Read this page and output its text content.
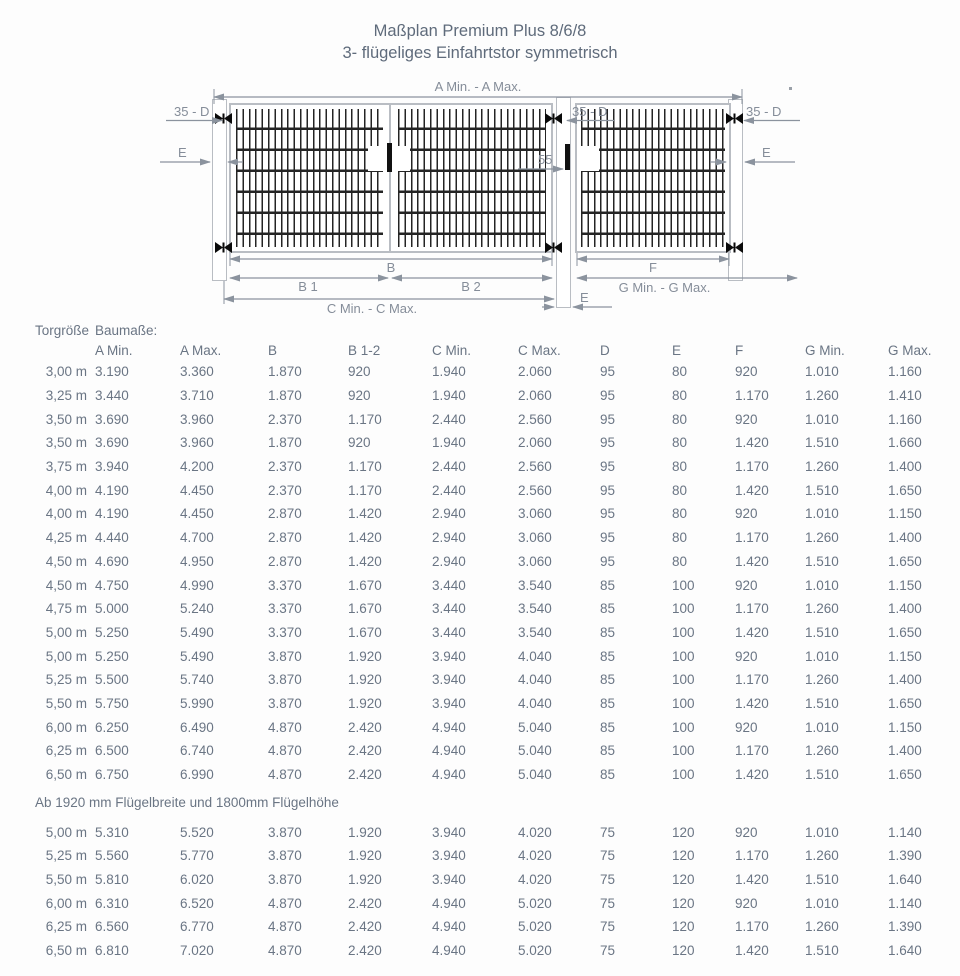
Maßplan Premium Plus 8/6/8
3- flügeliges Einfahrtstor symmetrisch
A Min. - A Max.
35 - D	35 - D	35 - D
E	E
55
B	F
B 1	B 2	G Min. - G Max.
C Min. - C Max.
E
Torgröße Baumaße:
A Min.	A Max.	B	B 1-2	C Min.	C Max.	D	E	F	G Min.	G Max.
3,00 m 3.190	3.360	1.870	920	1.940	2.060	95	80	920	1.010	1.160
3,25 m 3.440	3.710	1.870	920	1.940	2.060	95	80	1.170	1.260	1.410
3,50 m 3.690	3.960	2.370	1.170	2.440	2.560	95	80	920	1.010	1.160
3,50 m 3.690	3.960	1.870	920	1.940	2.060	95	80	1.420	1.510	1.660
3,75 m 3.940	4.200	2.370	1.170	2.440	2.560	95	80	1.170	1.260	1.400
4,00 m 4.190	4.450	2.370	1.170	2.440	2.560	95	80	1.420	1.510	1.650
4,00 m 4.190	4.450	2.870	1.420	2.940	3.060	95	80	920	1.010	1.150
4,25 m 4.440	4.700	2.870	1.420	2.940	3.060	95	80	1.170	1.260	1.400
4,50 m 4.690	4.950	2.870	1.420	2.940	3.060	95	80	1.420	1.510	1.650
4,50 m 4.750	4.990	3.370	1.670	3.440	3.540	85	100	920	1.010	1.150
4,75 m 5.000	5.240	3.370	1.670	3.440	3.540	85	100	1.170	1.260	1.400
5,00 m 5.250	5.490	3.370	1.670	3.440	3.540	85	100	1.420	1.510	1.650
5,00 m 5.250	5.490	3.870	1.920	3.940	4.040	85	100	920	1.010	1.150
5,25 m 5.500	5.740	3.870	1.920	3.940	4.040	85	100	1.170	1.260	1.400
5,50 m 5.750	5.990	3.870	1.920	3.940	4.040	85	100	1.420	1.510	1.650
6,00 m 6.250	6.490	4.870	2.420	4.940	5.040	85	100	920	1.010	1.150
6,25 m 6.500	6.740	4.870	2.420	4.940	5.040	85	100	1.170	1.260	1.400
6,50 m 6.750	6.990	4.870	2.420	4.940	5.040	85	100	1.420	1.510	1.650
Ab 1920 mm Flügelbreite und 1800mm Flügelhöhe
5,00 m 5.310	5.520	3.870	1.920	3.940	4.020	75	120	920	1.010	1.140
5,25 m 5.560	5.770	3.870	1.920	3.940	4.020	75	120	1.170	1.260	1.390
5,50 m 5.810	6.020	3.870	1.920	3.940	4.020	75	120	1.420	1.510	1.640
6,00 m 6.310	6.520	4.870	2.420	4.940	5.020	75	120	920	1.010	1.140
6,25 m 6.560	6.770	4.870	2.420	4.940	5.020	75	120	1.170	1.260	1.390
6,50 m 6.810	7.020	4.870	2.420	4.940	5.020	75	120	1.420	1.510	1.640
